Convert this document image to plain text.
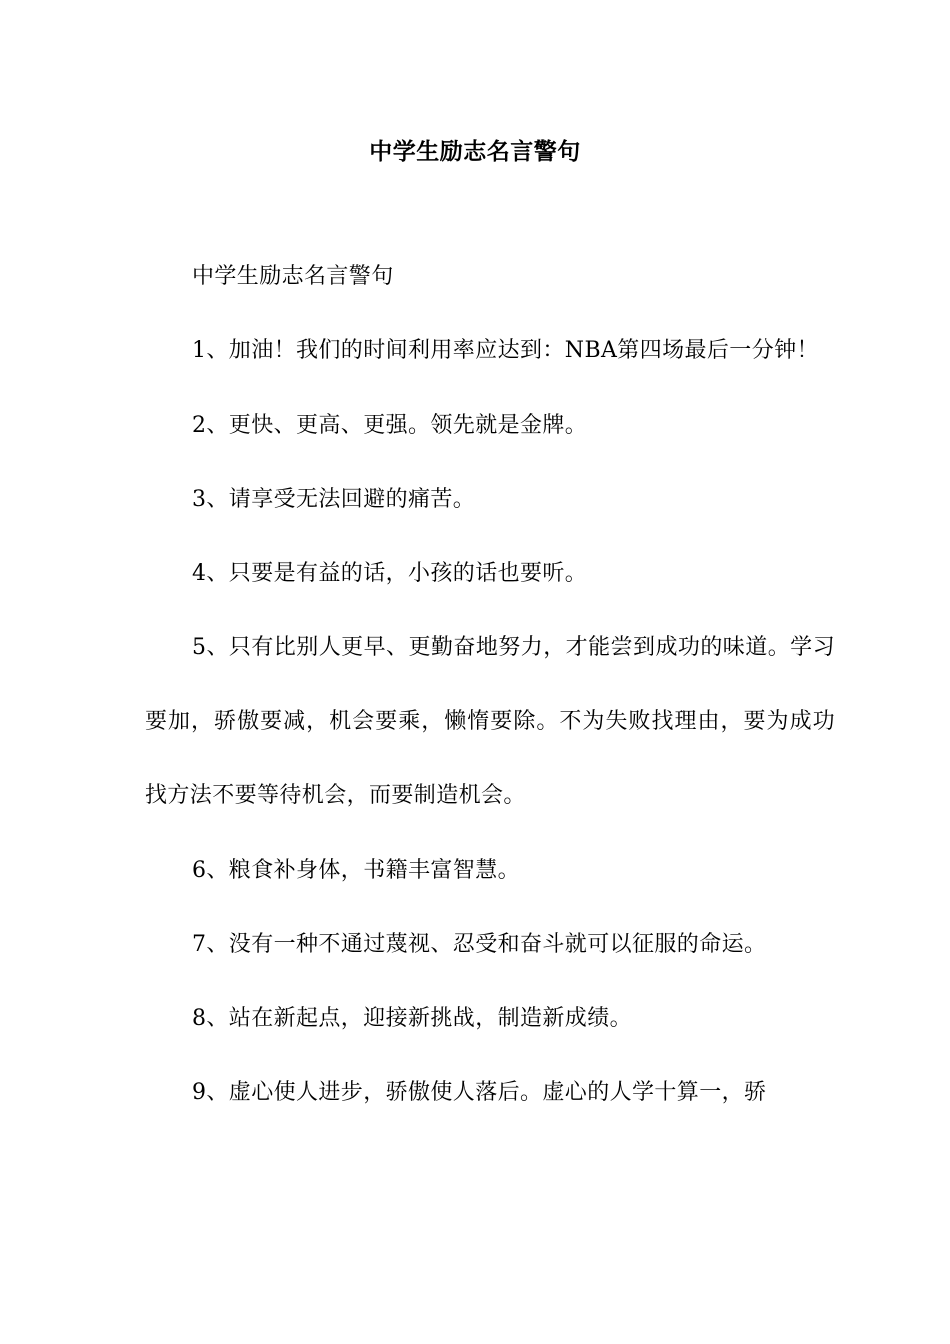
中学生励志名言警句

中学生励志名言警句

1、加油！我们的时间利用率应达到：NBA第四场最后一分钟！

2、更快、更高、更强。领先就是金牌。

3、请享受无法回避的痛苦。

4、只要是有益的话，小孩的话也要听。

5、只有比别人更早、更勤奋地努力，才能尝到成功的味道。学习要加，骄傲要减，机会要乘，懒惰要除。不为失败找理由，要为成功找方法不要等待机会，而要制造机会。

6、粮食补身体，书籍丰富智慧。

7、没有一种不通过蔑视、忍受和奋斗就可以征服的命运。

8、站在新起点，迎接新挑战，制造新成绩。

9、虚心使人进步，骄傲使人落后。虚心的人学十算一，骄
